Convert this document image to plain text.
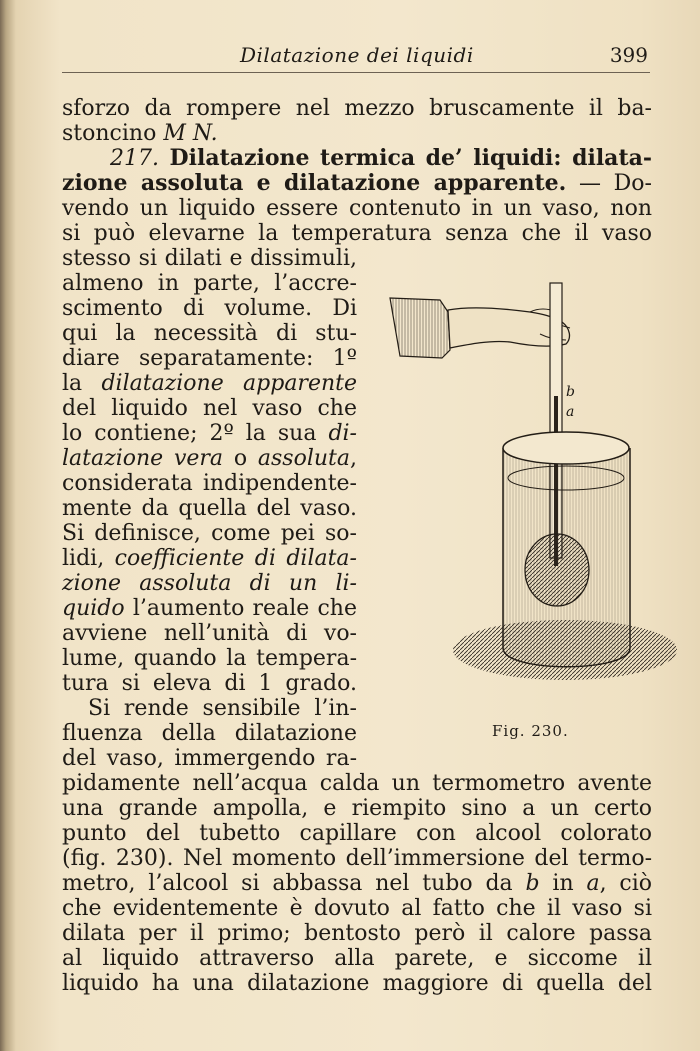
Dilatazione dei liquidi	399
sforzo da rompere nel mezzo bruscamente il ba-
stoncino M N.
217. Dilatazione termica de’ liquidi: dilata-
zione assoluta e dilatazione apparente. — Do-
vendo un liquido essere contenuto in un vaso, non
si può elevarne la temperatura senza che il vaso
stesso si dilati e dissimuli,
almeno in parte, l’accre-
scimento di volume. Di
qui la necessità di stu-
diare separatamente: 1º
la dilatazione apparente
del liquido nel vaso che
lo contiene; 2º la sua di-
latazione vera o assoluta,
considerata indipendente-
mente da quella del vaso.
Si definisce, come pei so-
lidi, coefficiente di dilata-
zione assoluta di un li-
quido l’aumento reale che
avviene nell’unità di vo-
lume, quando la tempera-
tura si eleva di 1 grado.
Si rende sensibile l’in-
fluenza della dilatazione
del vaso, immergendo ra-
pidamente nell’acqua calda un termometro avente
una grande ampolla, e riempito sino a un certo
punto del tubetto capillare con alcool colorato
(fig. 230). Nel momento dell’immersione del termo-
metro, l’alcool si abbassa nel tubo da b in a, ciò
che evidentemente è dovuto al fatto che il vaso si
dilata per il primo; bentosto però il calore passa
al liquido attraverso alla parete, e siccome il
liquido ha una dilatazione maggiore di quella del
b
a
Fig. 230.
